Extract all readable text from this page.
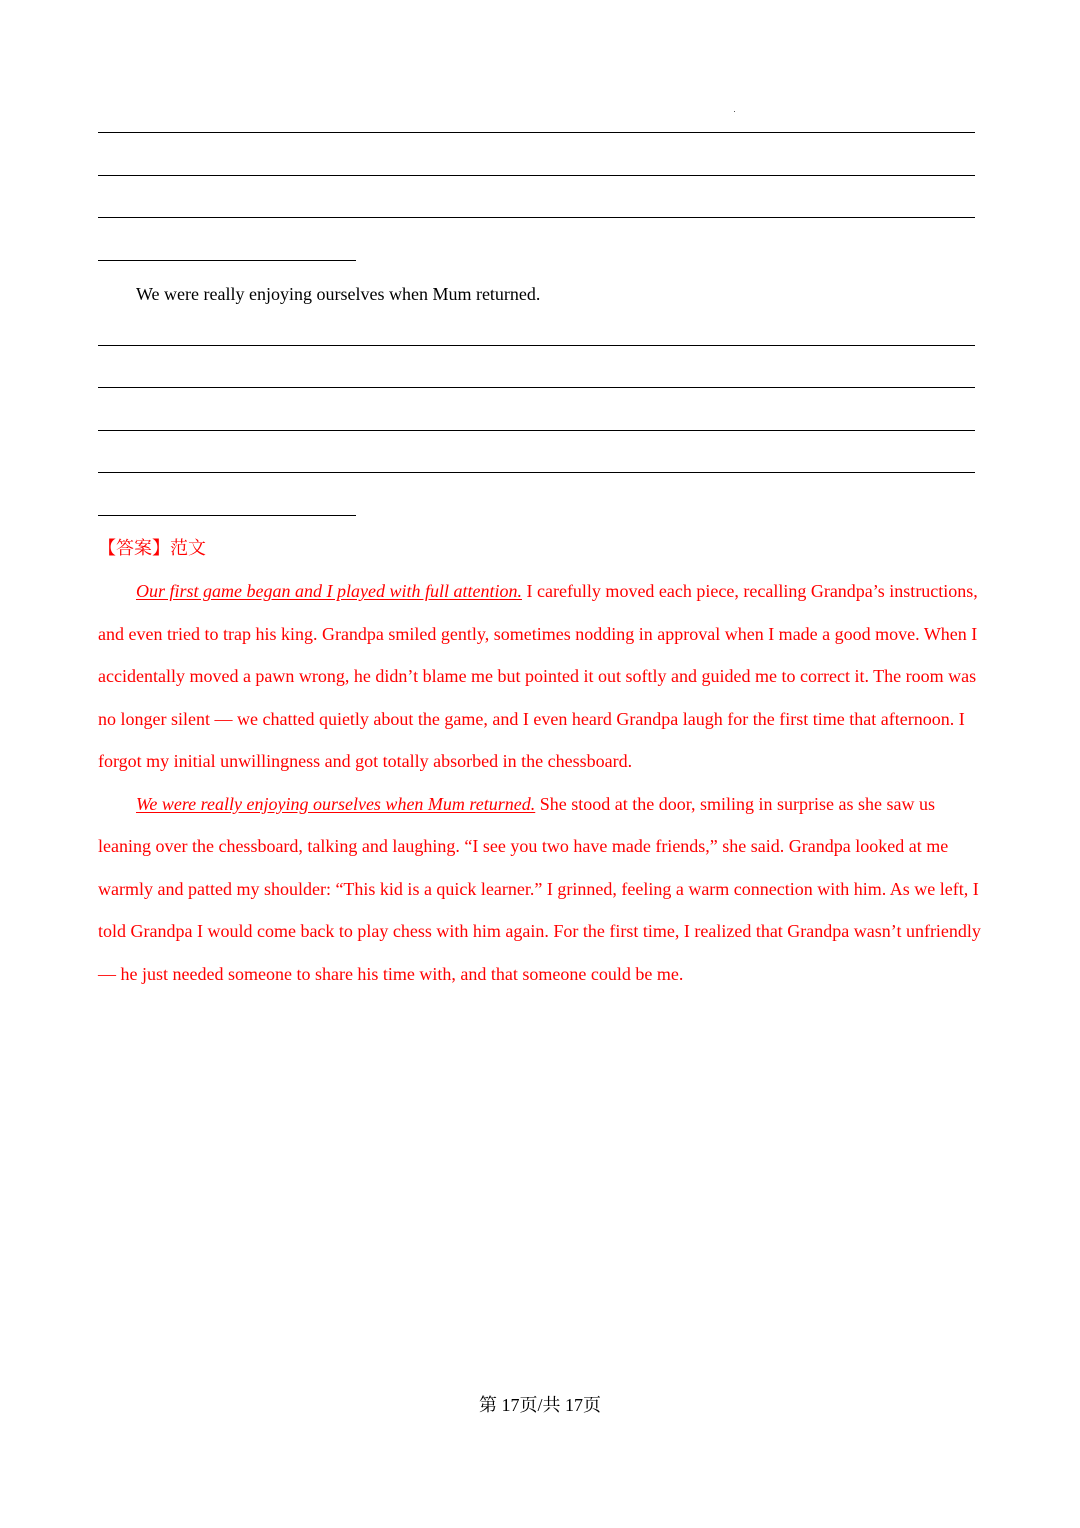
We were really enjoying ourselves when Mum returned.
【答案】范文

Our first game began and I played with full attention. I carefully moved each piece, recalling Grandpa’s instructions, and even tried to trap his king. Grandpa smiled gently, sometimes nodding in approval when I made a good move. When I accidentally moved a pawn wrong, he didn’t blame me but pointed it out softly and guided me to correct it. The room was no longer silent — we chatted quietly about the game, and I even heard Grandpa laugh for the first time that afternoon. I forgot my initial unwillingness and got totally absorbed in the chessboard.

We were really enjoying ourselves when Mum returned. She stood at the door, smiling in surprise as she saw us leaning over the chessboard, talking and laughing. “I see you two have made friends,” she said. Grandpa looked at me warmly and patted my shoulder: “This kid is a quick learner.” I grinned, feeling a warm connection with him. As we left, I told Grandpa I would come back to play chess with him again. For the first time, I realized that Grandpa wasn’t unfriendly — he just needed someone to share his time with, and that someone could be me.

第 17页/共 17页
